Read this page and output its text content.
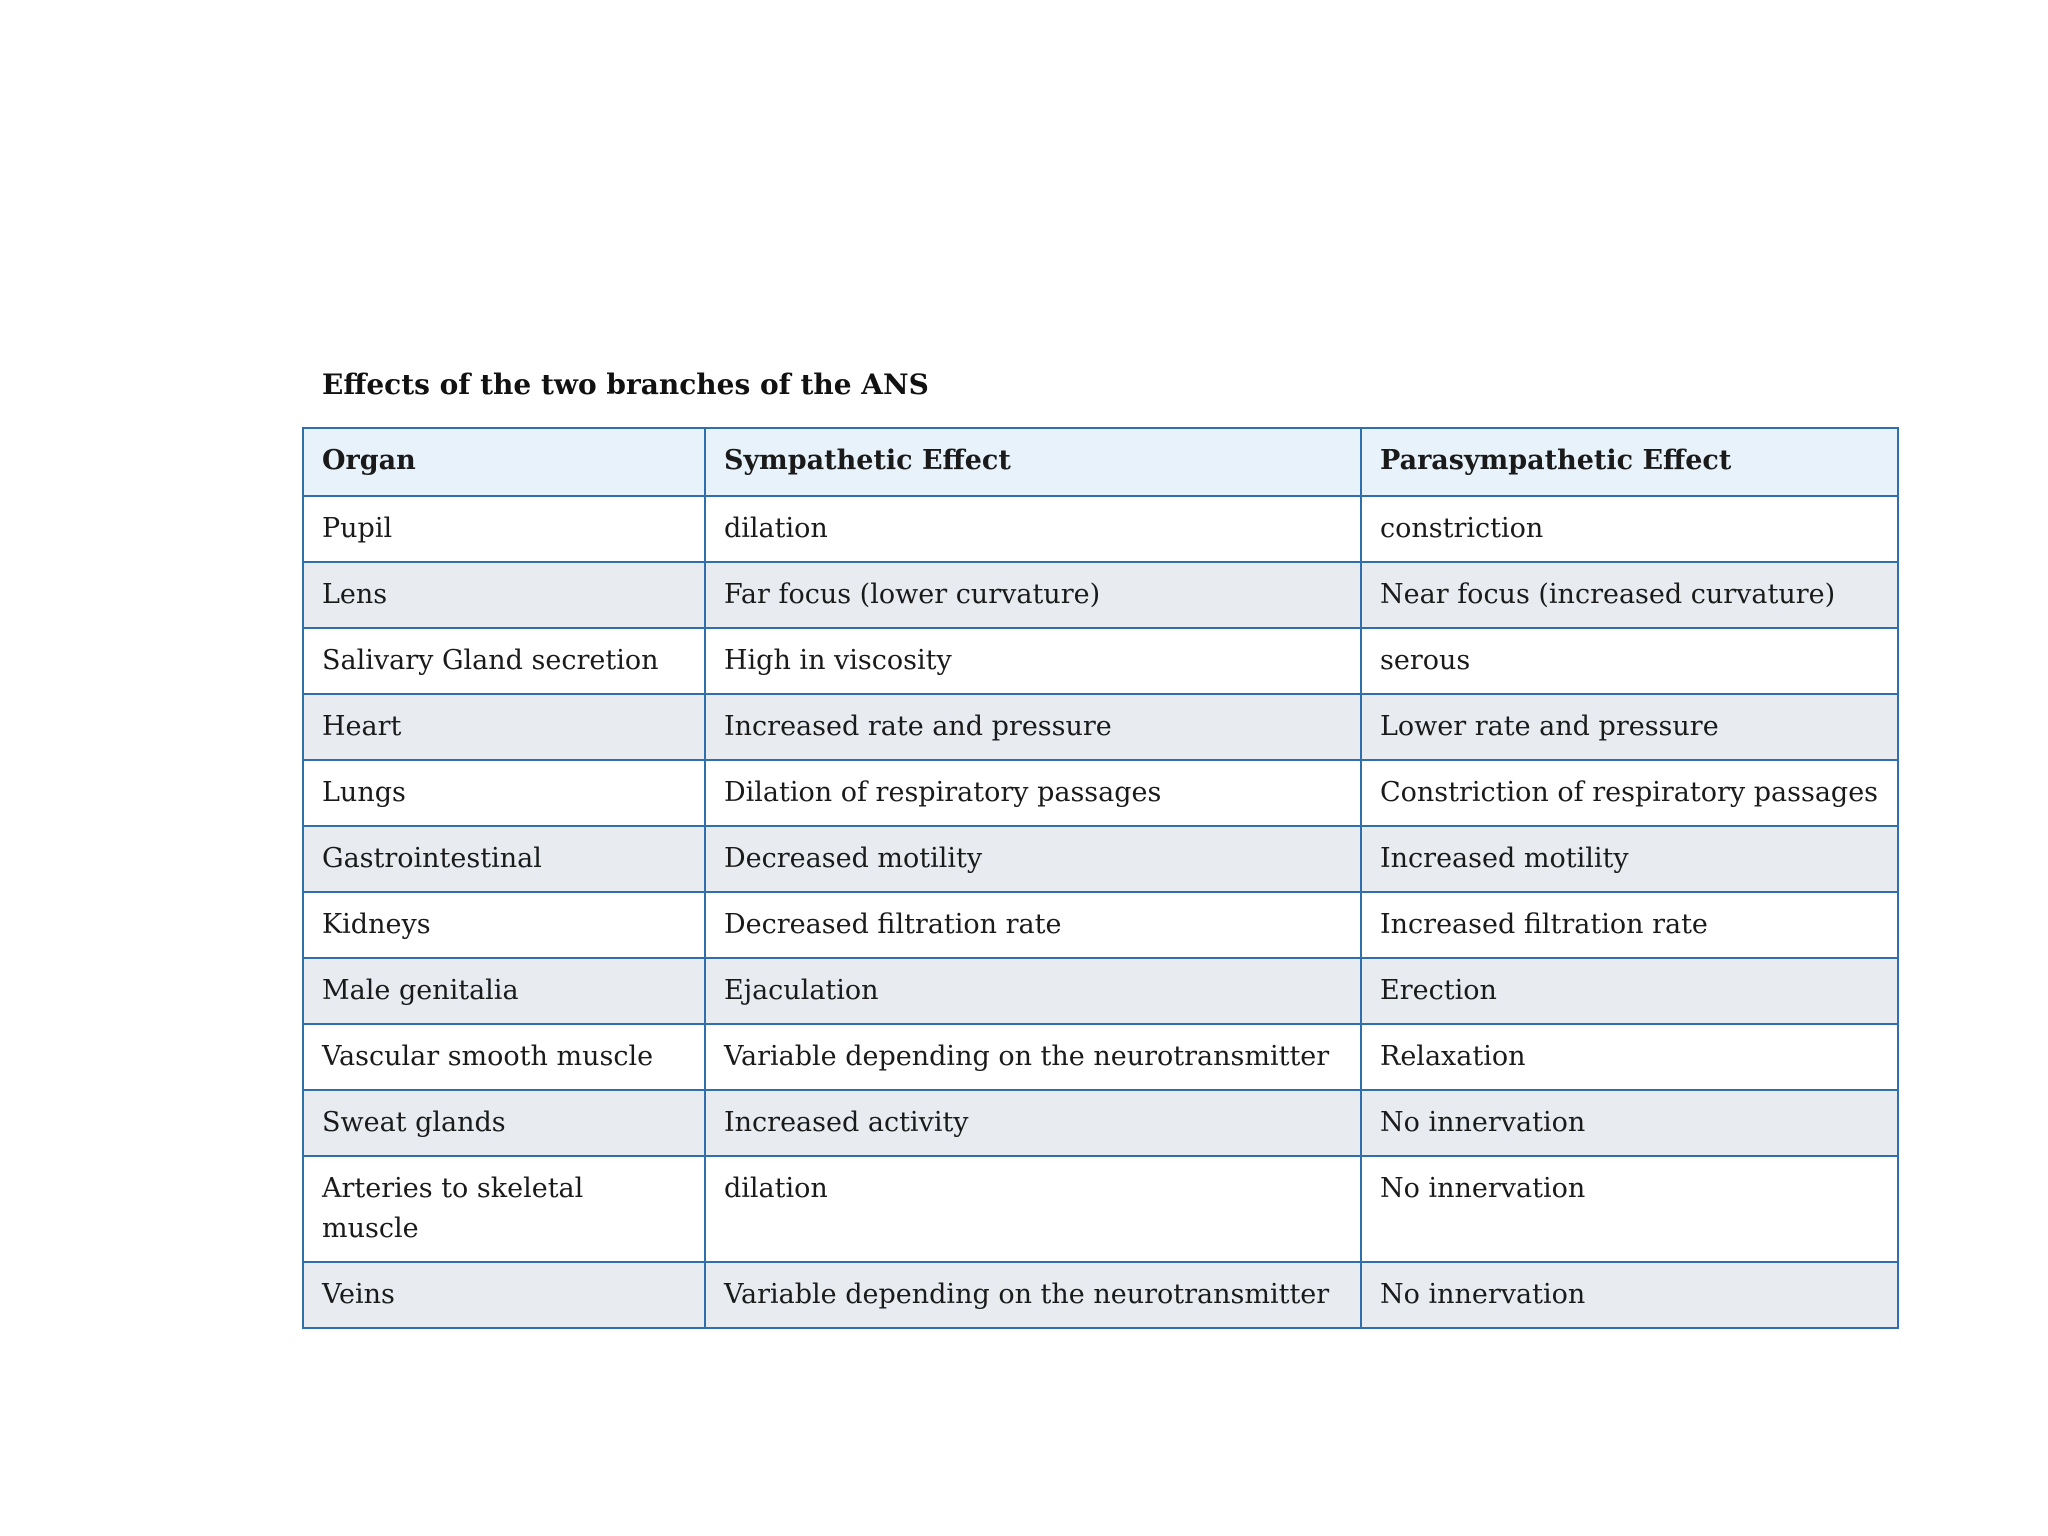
Effects of the two branches of the ANS
Organ	Sympathetic Effect	Parasympathetic Effect
Pupil	dilation	constriction
Lens	Far focus (lower curvature)	Near focus (increased curvature)
Salivary Gland secretion	High in viscosity	serous
Heart	Increased rate and pressure	Lower rate and pressure
Lungs	Dilation of respiratory passages	Constriction of respiratory passages
Gastrointestinal	Decreased motility	Increased motility
Kidneys	Decreased filtration rate	Increased filtration rate
Male genitalia	Ejaculation	Erection
Vascular smooth muscle	Variable depending on the neurotransmitter	Relaxation
Sweat glands	Increased activity	No innervation
Arteries to skeletal muscle	dilation	No innervation
Veins	Variable depending on the neurotransmitter	No innervation
